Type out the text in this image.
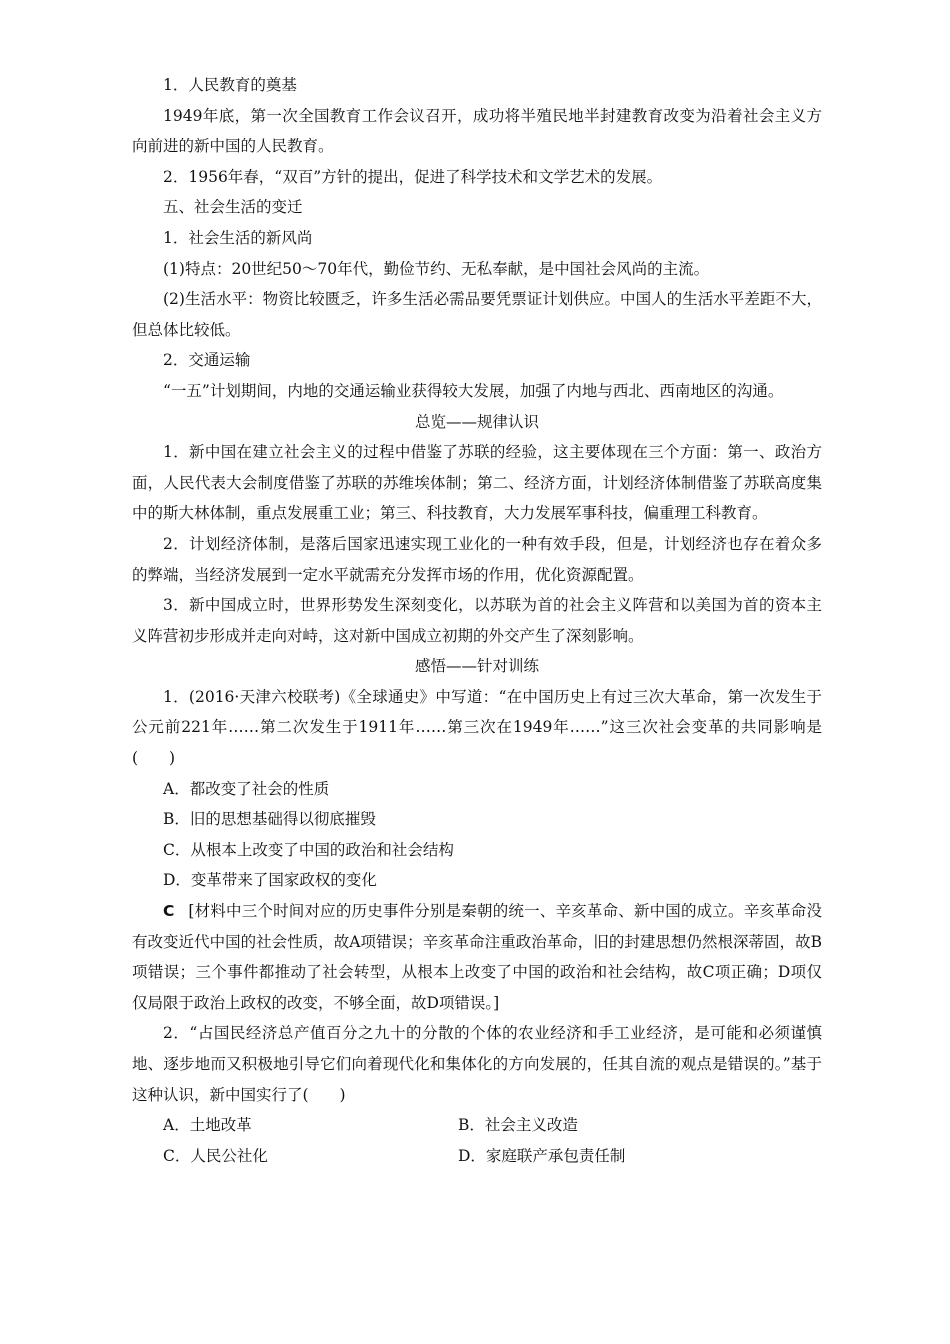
1．人民教育的奠基

1949年底，第一次全国教育工作会议召开，成功将半殖民地半封建教育改变为沿着社会主义方向前进的新中国的人民教育。

2．1956年春，“双百”方针的提出，促进了科学技术和文学艺术的发展。

五、社会生活的变迁

1．社会生活的新风尚

(1)特点：20世纪50～70年代，勤俭节约、无私奉献，是中国社会风尚的主流。

(2)生活水平：物资比较匮乏，许多生活必需品要凭票证计划供应。中国人的生活水平差距不大，但总体比较低。

2．交通运输

“一五”计划期间，内地的交通运输业获得较大发展，加强了内地与西北、西南地区的沟通。

总览——规律认识

1．新中国在建立社会主义的过程中借鉴了苏联的经验，这主要体现在三个方面：第一、政治方面，人民代表大会制度借鉴了苏联的苏维埃体制；第二、经济方面，计划经济体制借鉴了苏联高度集中的斯大林体制，重点发展重工业；第三、科技教育，大力发展军事科技，偏重理工科教育。

2．计划经济体制，是落后国家迅速实现工业化的一种有效手段，但是，计划经济也存在着众多的弊端，当经济发展到一定水平就需充分发挥市场的作用，优化资源配置。

3．新中国成立时，世界形势发生深刻变化，以苏联为首的社会主义阵营和以美国为首的资本主义阵营初步形成并走向对峙，这对新中国成立初期的外交产生了深刻影响。

感悟——针对训练

1．(2016·天津六校联考)《全球通史》中写道：“在中国历史上有过三次大革命，第一次发生于公元前221年……第二次发生于1911年……第三次在1949年……”这三次社会变革的共同影响是(　　)

A．都改变了社会的性质

B．旧的思想基础得以彻底摧毁

C．从根本上改变了中国的政治和社会结构

D．变革带来了国家政权的变化

C [材料中三个时间对应的历史事件分别是秦朝的统一、辛亥革命、新中国的成立。辛亥革命没有改变近代中国的社会性质，故A项错误；辛亥革命注重政治革命，旧的封建思想仍然根深蒂固，故B项错误；三个事件都推动了社会转型，从根本上改变了中国的政治和社会结构，故C项正确；D项仅仅局限于政治上政权的改变，不够全面，故D项错误。]

2．“占国民经济总产值百分之九十的分散的个体的农业经济和手工业经济，是可能和必须谨慎地、逐步地而又积极地引导它们向着现代化和集体化的方向发展的，任其自流的观点是错误的。”基于这种认识，新中国实行了(　　)

A．土地改革	B．社会主义改造
C．人民公社化	D．家庭联产承包责任制
